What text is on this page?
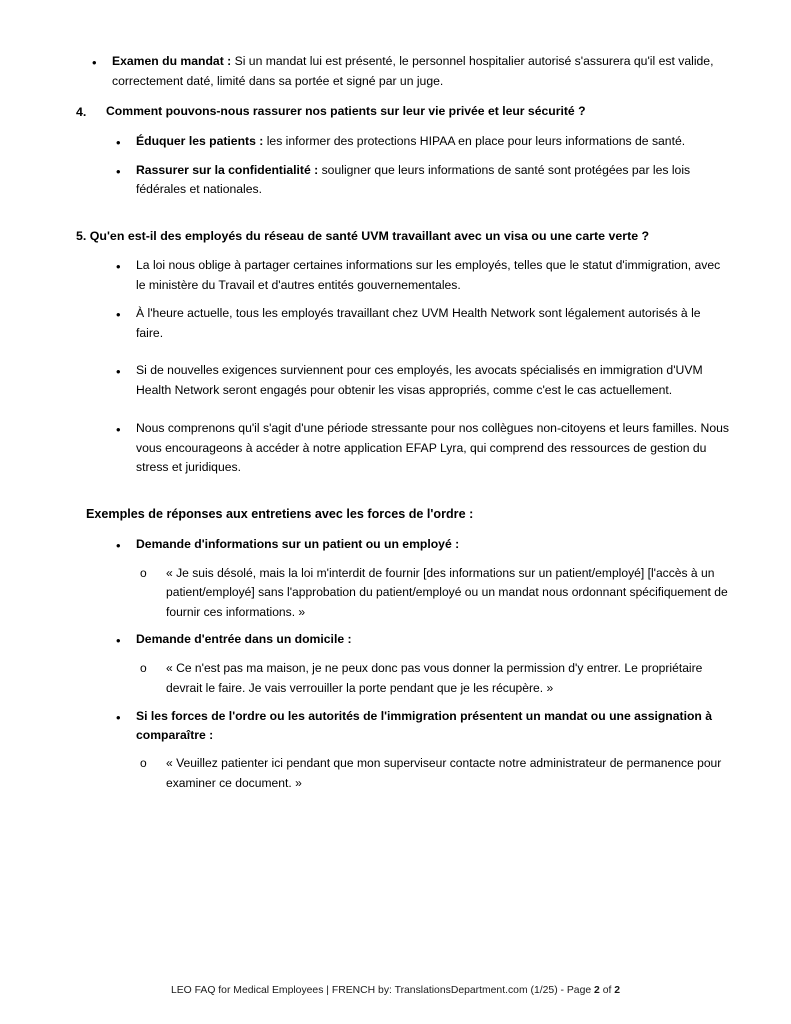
•	Examen du mandat : Si un mandat lui est présenté, le personnel hospitalier autorisé s'assurera qu'il est valide, correctement daté, limité dans sa portée et signé par un juge.
4.	Comment pouvons-nous rassurer nos patients sur leur vie privée et leur sécurité ?
•	Éduquer les patients : les informer des protections HIPAA en place pour leurs informations de santé.
•	Rassurer sur la confidentialité : souligner que leurs informations de santé sont protégées par les lois fédérales et nationales.
5. Qu'en est-il des employés du réseau de santé UVM travaillant avec un visa ou une carte verte ?
•	La loi nous oblige à partager certaines informations sur les employés, telles que le statut d'immigration, avec le ministère du Travail et d'autres entités gouvernementales.
•	À l'heure actuelle, tous les employés travaillant chez UVM Health Network sont légalement autorisés à le faire.
•	Si de nouvelles exigences surviennent pour ces employés, les avocats spécialisés en immigration d'UVM Health Network seront engagés pour obtenir les visas appropriés, comme c'est le cas actuellement.
•	Nous comprenons qu'il s'agit d'une période stressante pour nos collègues non-citoyens et leurs familles. Nous vous encourageons à accéder à notre application EFAP Lyra, qui comprend des ressources de gestion du stress et juridiques.
Exemples de réponses aux entretiens avec les forces de l'ordre :
•	Demande d'informations sur un patient ou un employé :
o	« Je suis désolé, mais la loi m'interdit de fournir [des informations sur un patient/employé] [l'accès à un patient/employé] sans l'approbation du patient/employé ou un mandat nous ordonnant spécifiquement de fournir ces informations. »
•	Demande d'entrée dans un domicile :
o	« Ce n'est pas ma maison, je ne peux donc pas vous donner la permission d'y entrer. Le propriétaire devrait le faire. Je vais verrouiller la porte pendant que je les récupère. »
•	Si les forces de l'ordre ou les autorités de l'immigration présentent un mandat ou une assignation à comparaître :
o	« Veuillez patienter ici pendant que mon superviseur contacte notre administrateur de permanence pour examiner ce document. »
LEO FAQ for Medical Employees | FRENCH by: TranslationsDepartment.com (1/25) - Page 2 of 2
